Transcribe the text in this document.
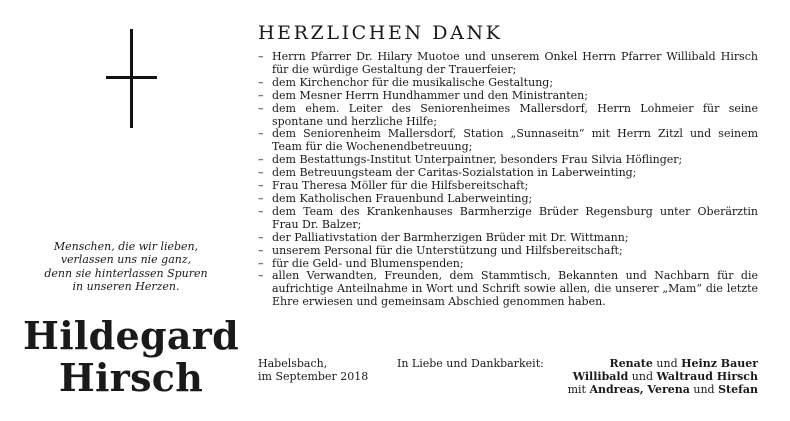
Menschen, die wir lieben,
verlassen uns nie ganz,
denn sie hinterlassen Spuren
in unseren Herzen.
Hildegard
Hirsch
HERZLICHEN DANK
– Herrn Pfarrer Dr. Hilary Muotoe und unserem Onkel Herrn Pfarrer Willibald Hirsch für die würdige Gestaltung der Trauerfeier;
– dem Kirchenchor für die musikalische Gestaltung;
– dem Mesner Herrn Hundhammer und den Ministranten;
– dem ehem. Leiter des Seniorenheimes Mallersdorf, Herrn Lohmeier für seine spontane und herzliche Hilfe;
– dem Seniorenheim Mallersdorf, Station „Sunnaseitn“ mit Herrn Zitzl und seinem Team für die Wochenendbetreuung;
– dem Bestattungs-Institut Unterpaintner, besonders Frau Silvia Höflinger;
– dem Betreuungsteam der Caritas-Sozialstation in Laberweinting;
– Frau Theresa Möller für die Hilfsbereitschaft;
– dem Katholischen Frauenbund Laberweinting;
– dem Team des Krankenhauses Barmherzige Brüder Regensburg unter Oberärztin Frau Dr. Balzer;
– der Palliativstation der Barmherzigen Brüder mit Dr. Wittmann;
– unserem Personal für die Unterstützung und Hilfsbereitschaft;
– für die Geld- und Blumenspenden;
– allen Verwandten, Freunden, dem Stammtisch, Bekannten und Nachbarn für die aufrichtige Anteilnahme in Wort und Schrift sowie allen, die unserer „Mam“ die letzte Ehre erwiesen und gemeinsam Abschied genommen haben.
Habelsbach,
im September 2018
In Liebe und Dankbarkeit:	Renate und Heinz Bauer
Willibald und Waltraud Hirsch
mit Andreas, Verena und Stefan
